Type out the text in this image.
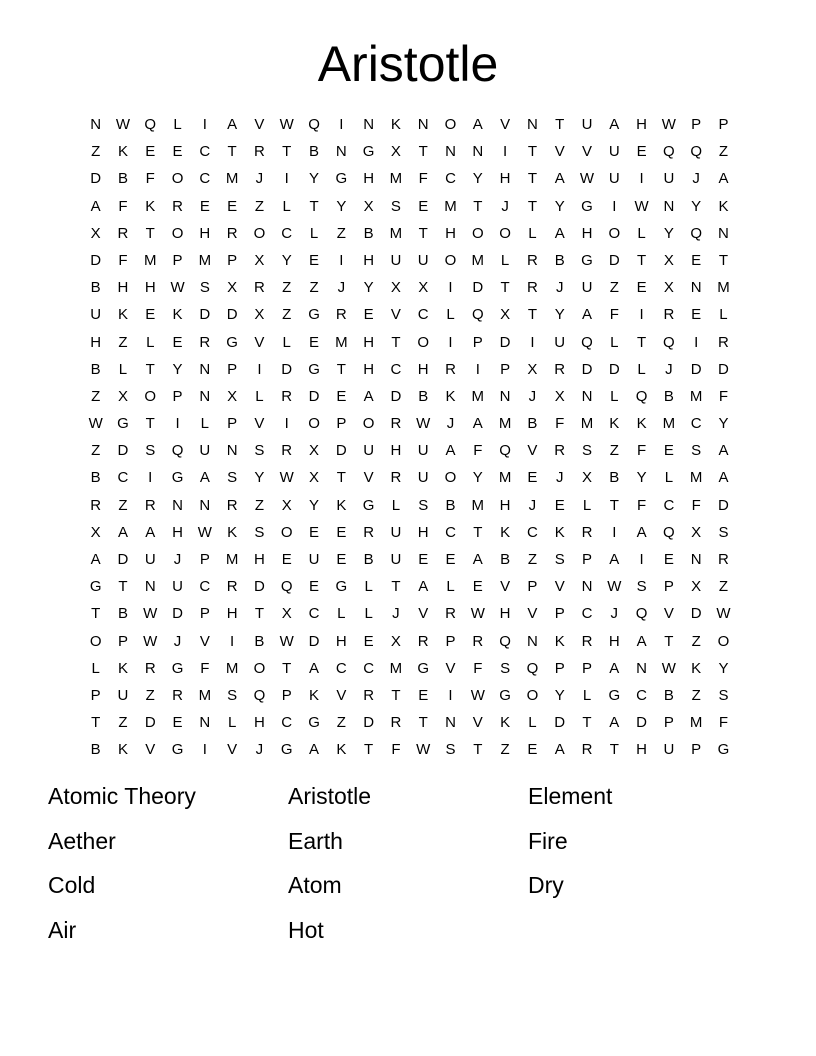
Aristotle
N W Q	L	I	A	V	W Q	I	N	K	N	O	A	V	N	T	U	A	H W	P	P
Z	K	E	E	C	T	R	T	B	N	G	X	T	N	N	I	T	V	V	U	E	Q	Q	Z
D	B	F	O	C	M	J	I	Y	G	H	M	F	C	Y	H	T	A	W U	I	U	J	A
A	F	K	R	E	E	Z	L	T	Y	X	S	E	M	T	J	T	Y	G	I	W N	Y	K
X	R	T	O	H	R	O	C	L	Z	B	M	T	H	O	O	L	A	H	O	L	Y	Q	N
D	F	M	P	M	P	X	Y	E	I	H	U	U	O	M	L	R	B	G	D	T	X	E	T
B	H	H W	S	X	R	Z	Z	J	Y	X	X	I	D	T	R	J	U	Z	E	X	N	M
U	K	E	K	D	D	X	Z	G	R	E	V	C	L	Q	X	T	Y	A	F	I	R	E	L
H	Z	L	E	R	G	V	L	E	M	H	T	O	I	P	D	I	U	Q	L	T	Q	I	R
B	L	T	Y	N	P	I	D	G	T	H	C	H	R	I	P	X	R	D	D	L	J	D	D
Z	X	O	P	N	X	L	R	D	E	A	D	B	K	M	N	J	X	N	L	Q	B	M	F
W G	T	I	L	P	V	I	O	P	O	R W	J	A	M	B	F	M	K	K	M	C	Y
Z	D	S	Q	U	N	S	R	X	D	U	H	U	A	F	Q	V	R	S	Z	F	E	S	A
B	C	I	G	A	S	Y	W	X	T	V	R	U	O	Y	M	E	J	X	B	Y	L	M	A
R	Z	R	N	N	R	Z	X	Y	K	G	L	S	B	M	H	J	E	L	T	F	C	F	D
X	A	A	H W	K	S	O	E	E	R	U	H	C	T	K	C	K	R	I	A	Q	X	S
A	D	U	J	P	M	H	E	U	E	B	U	E	E	A	B	Z	S	P	A	I	E	N	R
G	T	N	U	C	R	D	Q	E	G	L	T	A	L	E	V	P	V	N W	S	P	X	Z
T	B	W D	P	H	T	X	C	L	L	J	V	R W H	V	P	C	J	Q	V	D W
O	P	W	J	V	I	B	W D	H	E	X	R	P	R	Q	N	K	R	H	A	T	Z	O
L	K	R	G	F	M	O	T	A	C	C	M	G	V	F	S	Q	P	P	A	N W	K	Y
P	U	Z	R	M	S	Q	P	K	V	R	T	E	I	W G	O	Y	L	G	C	B	Z	S
T	Z	D	E	N	L	H	C	G	Z	D	R	T	N	V	K	L	D	T	A	D	P	M	F
B	K	V	G	I	V	J	G	A	K	T	F	W	S	T	Z	E	A	R	T	H	U	P	G
Atomic Theory	Aristotle	Element
Aether	Earth	Fire
Cold	Atom	Dry
Air	Hot
